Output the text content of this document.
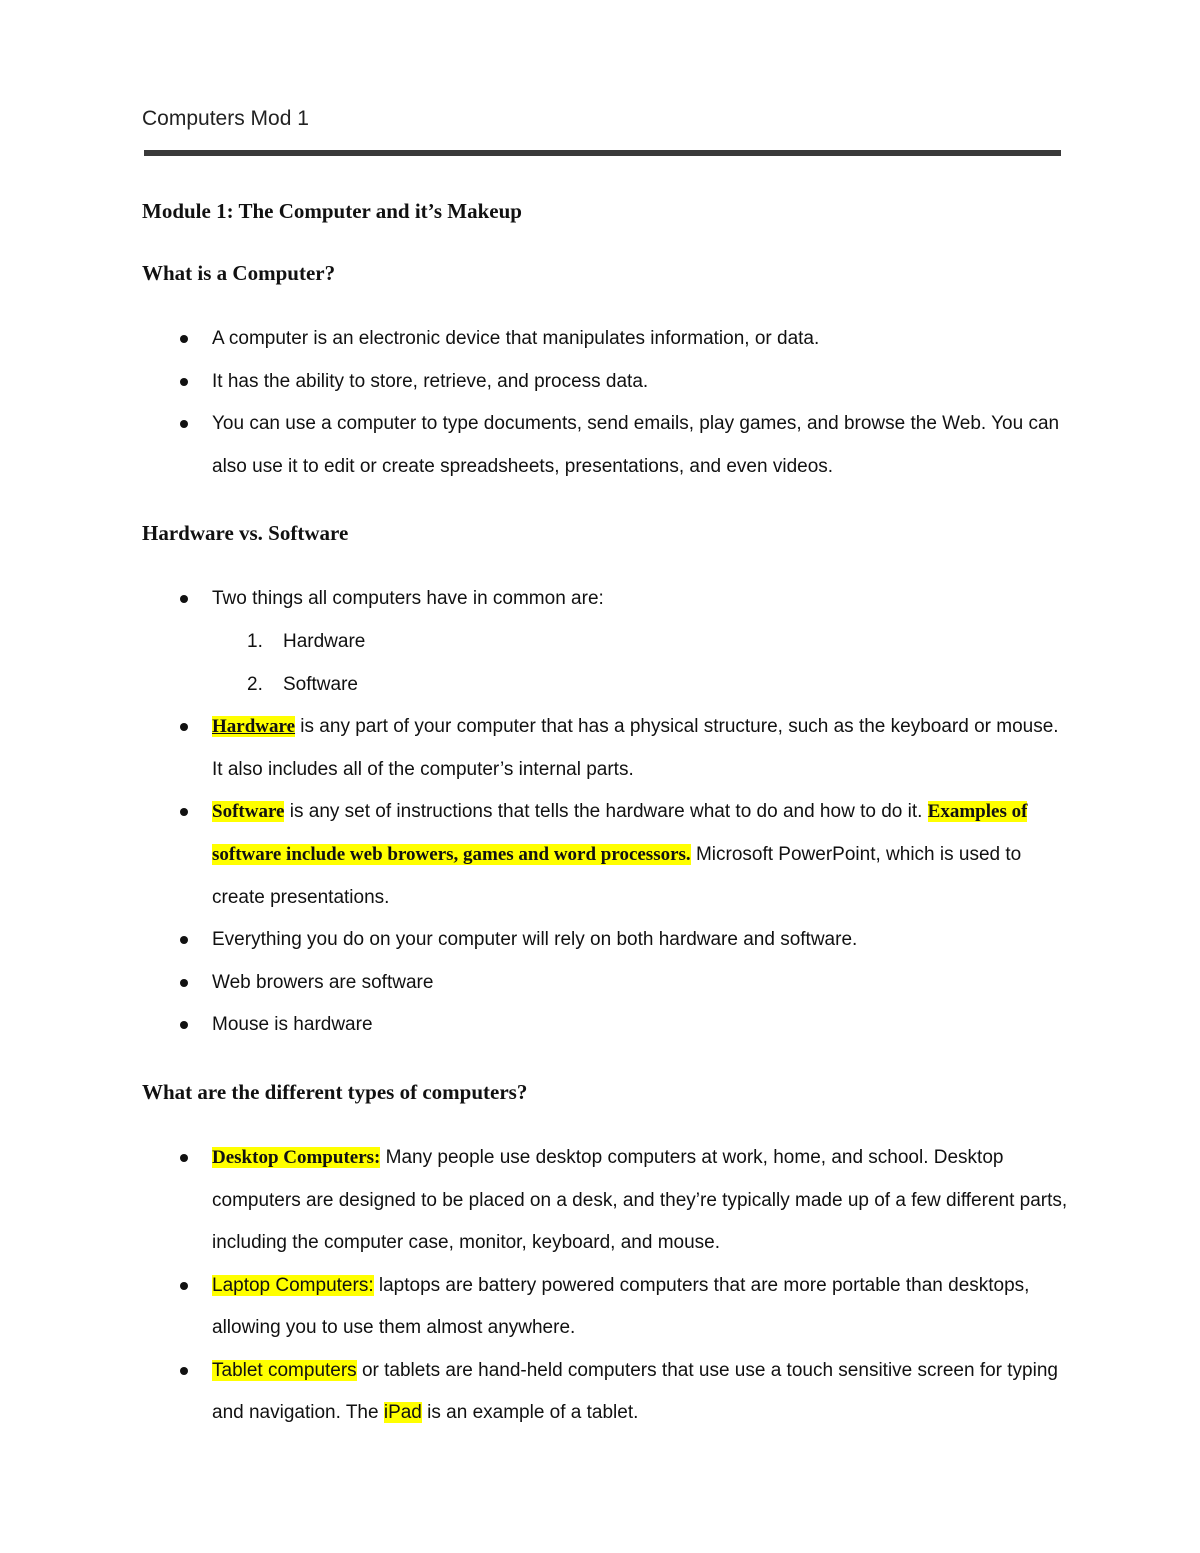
Computers Mod 1
Module 1: The Computer and it’s Makeup
What is a Computer?
A computer is an electronic device that manipulates information, or data.
It has the ability to store, retrieve, and process data.
You can use a computer to type documents, send emails, play games, and browse the Web. You can also use it to edit or create spreadsheets, presentations, and even videos.
Hardware vs. Software
Two things all computers have in common are:
1. Hardware
2. Software
Hardware is any part of your computer that has a physical structure, such as the keyboard or mouse. It also includes all of the computer’s internal parts.
Software is any set of instructions that tells the hardware what to do and how to do it. Examples of software include web browers, games and word processors. Microsoft PowerPoint, which is used to create presentations.
Everything you do on your computer will rely on both hardware and software.
Web browers are software
Mouse is hardware
What are the different types of computers?
Desktop Computers: Many people use desktop computers at work, home, and school. Desktop computers are designed to be placed on a desk, and they’re typically made up of a few different parts, including the computer case, monitor, keyboard, and mouse.
Laptop Computers: laptops are battery powered computers that are more portable than desktops, allowing you to use them almost anywhere.
Tablet computers or tablets are hand-held computers that use use a touch sensitive screen for typing and navigation. The iPad is an example of a tablet.
